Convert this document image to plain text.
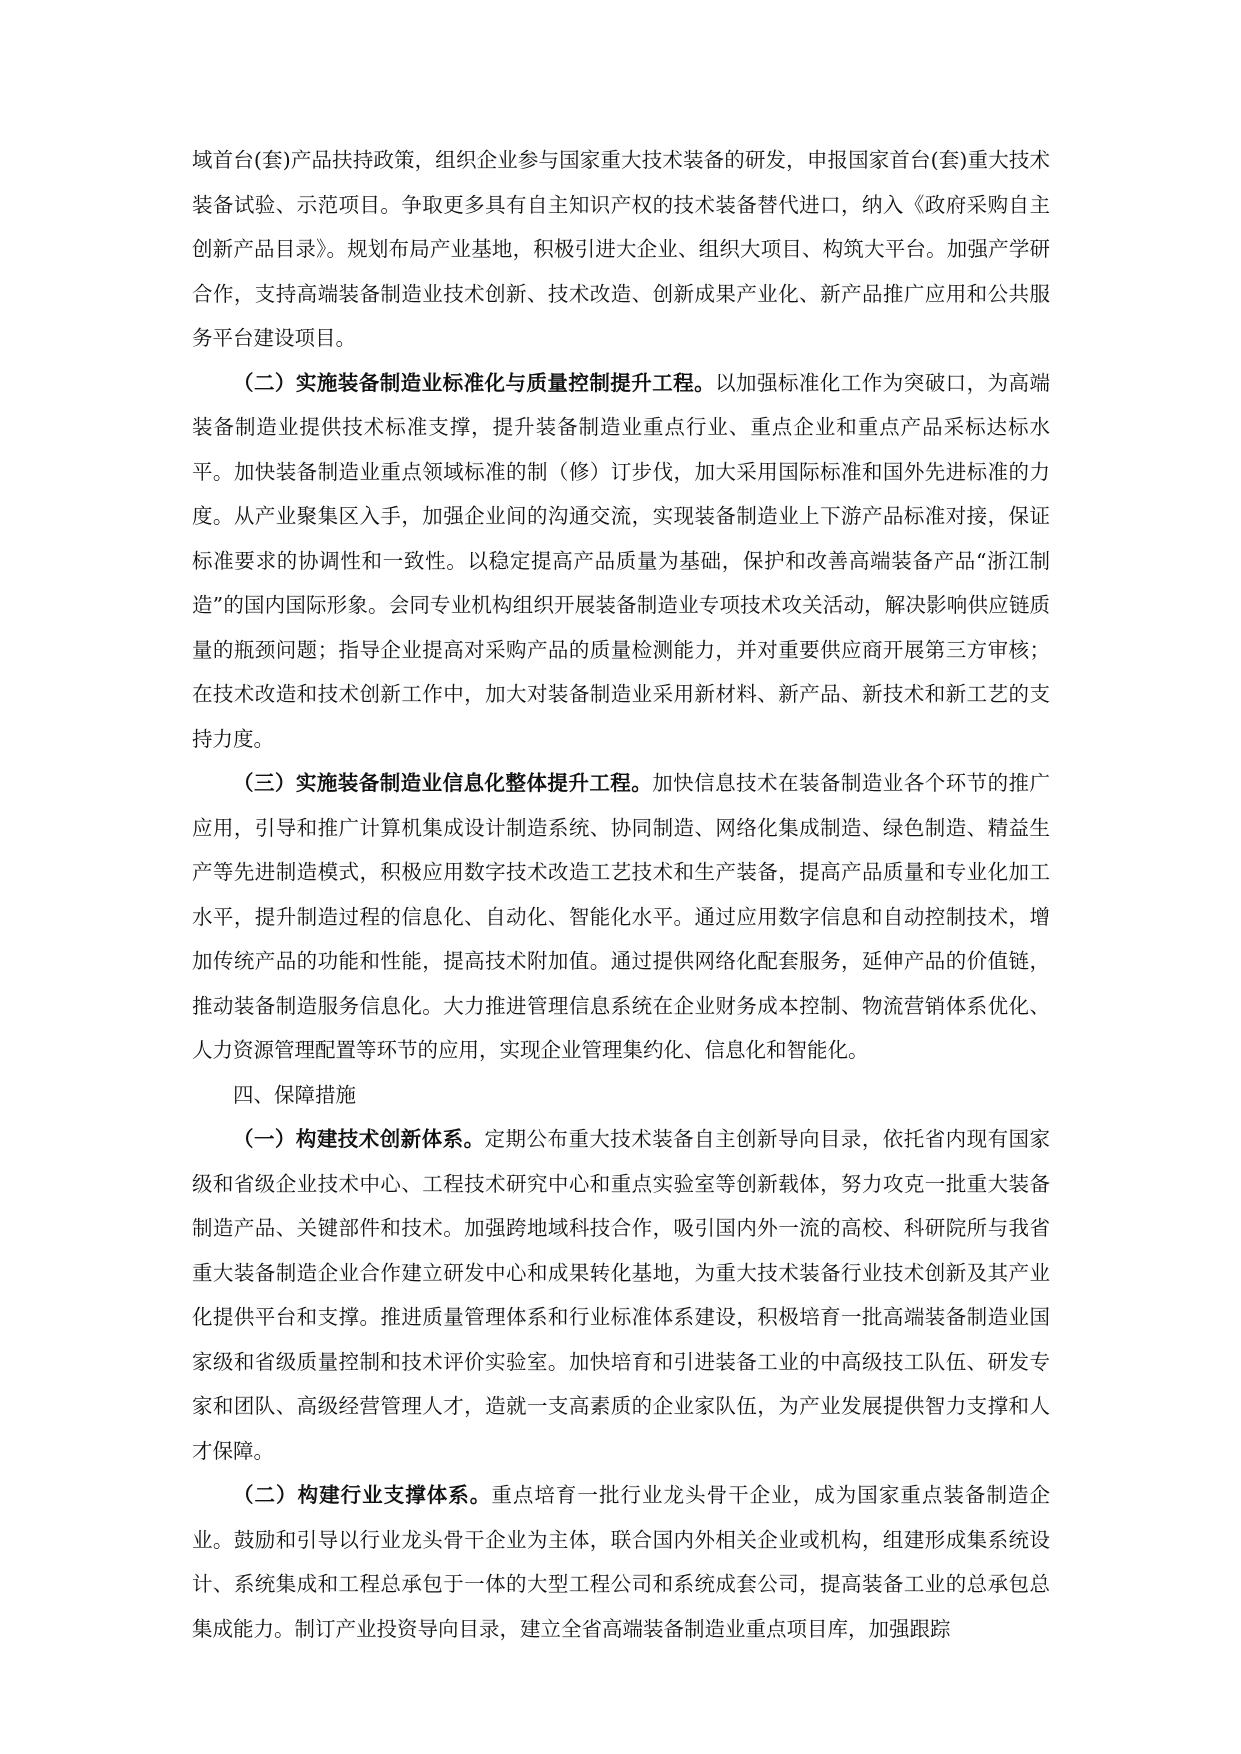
域首台(套)产品扶持政策，组织企业参与国家重大技术装备的研发，申报国家首台(套)重大技术装备试验、示范项目。争取更多具有自主知识产权的技术装备替代进口，纳入《政府采购自主创新产品目录》。规划布局产业基地，积极引进大企业、组织大项目、构筑大平台。加强产学研合作，支持高端装备制造业技术创新、技术改造、创新成果产业化、新产品推广应用和公共服务平台建设项目。

（二）实施装备制造业标准化与质量控制提升工程。以加强标准化工作为突破口，为高端装备制造业提供技术标准支撑，提升装备制造业重点行业、重点企业和重点产品采标达标水平。加快装备制造业重点领域标准的制（修）订步伐，加大采用国际标准和国外先进标准的力度。从产业聚集区入手，加强企业间的沟通交流，实现装备制造业上下游产品标准对接，保证标准要求的协调性和一致性。以稳定提高产品质量为基础，保护和改善高端装备产品“浙江制造”的国内国际形象。会同专业机构组织开展装备制造业专项技术攻关活动，解决影响供应链质量的瓶颈问题；指导企业提高对采购产品的质量检测能力，并对重要供应商开展第三方审核；在技术改造和技术创新工作中，加大对装备制造业采用新材料、新产品、新技术和新工艺的支持力度。

（三）实施装备制造业信息化整体提升工程。加快信息技术在装备制造业各个环节的推广应用，引导和推广计算机集成设计制造系统、协同制造、网络化集成制造、绿色制造、精益生产等先进制造模式，积极应用数字技术改造工艺技术和生产装备，提高产品质量和专业化加工水平，提升制造过程的信息化、自动化、智能化水平。通过应用数字信息和自动控制技术，增加传统产品的功能和性能，提高技术附加值。通过提供网络化配套服务，延伸产品的价值链，推动装备制造服务信息化。大力推进管理信息系统在企业财务成本控制、物流营销体系优化、人力资源管理配置等环节的应用，实现企业管理集约化、信息化和智能化。

四、保障措施

（一）构建技术创新体系。定期公布重大技术装备自主创新导向目录，依托省内现有国家级和省级企业技术中心、工程技术研究中心和重点实验室等创新载体，努力攻克一批重大装备制造产品、关键部件和技术。加强跨地域科技合作，吸引国内外一流的高校、科研院所与我省重大装备制造企业合作建立研发中心和成果转化基地，为重大技术装备行业技术创新及其产业化提供平台和支撑。推进质量管理体系和行业标准体系建设，积极培育一批高端装备制造业国家级和省级质量控制和技术评价实验室。加快培育和引进装备工业的中高级技工队伍、研发专家和团队、高级经营管理人才，造就一支高素质的企业家队伍，为产业发展提供智力支撑和人才保障。

（二）构建行业支撑体系。重点培育一批行业龙头骨干企业，成为国家重点装备制造企业。鼓励和引导以行业龙头骨干企业为主体，联合国内外相关企业或机构，组建形成集系统设计、系统集成和工程总承包于一体的大型工程公司和系统成套公司，提高装备工业的总承包总集成能力。制订产业投资导向目录，建立全省高端装备制造业重点项目库，加强跟踪
